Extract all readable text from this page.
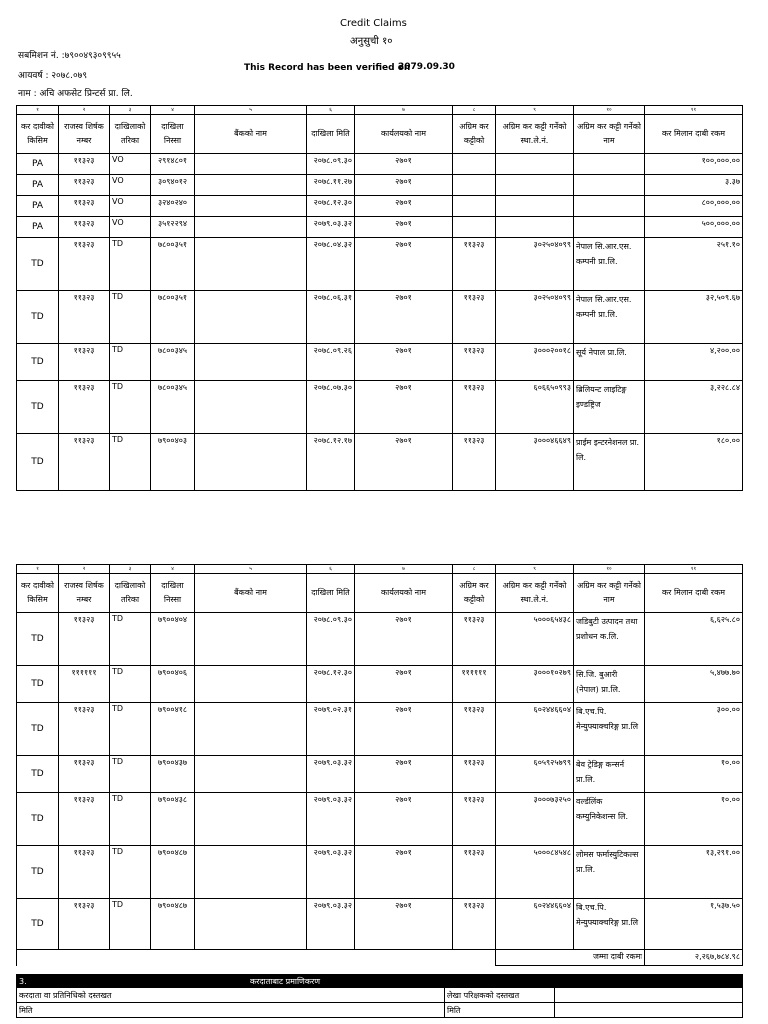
Credit Claims
अनुसुची १०
सबमिशन नं. :७९००४९३०९९५५
आयवर्ष : २०७८.०७९
नाम : अचि अफसेट प्रिन्टर्स प्रा. लि.
This Record has been verified on
2079.09.30
१	२	३	४	५	६	७	८	९	१०	११
कर दावीको किसिम	राजस्व शिर्षक नम्बर	दाखिलाको तरिका	दाखिला निस्सा	बैंकको नाम	दाखिला मिति	कार्यलयको नाम	अग्रिम कर कट्टीको	अग्रिम कर कट्टी गर्नेको स्था.ले.नं.	अग्रिम कर कट्टी गर्नेको नाम	कर मिलान दाबी रकम
PA	११३२३	VO	२९१४८०१		२०७८.०९.३०	२७०१				१००,०००.००
PA	११३२३	VO	३०९४०१२		२०७८.११.२७	२७०१				३.३७
PA	११३२३	VO	३२४०२४०		२०७८.१२.३०	२७०१				८००,०००.००
PA	११३२३	VO	३५१२२९४		२०७९.०३.३२	२७०१				५००,०००.००
TD	११३२३	TD	७८००३५१		२०७८.०४.३२	२७०१	११३२३	३०२५०४०९९	नेपाल सि.आर.एस. कम्पनी प्रा.लि.	२५१.१०
TD	११३२३	TD	७८००३५१		२०७८.०६.३१	२७०१	११३२३	३०२५०४०९९	नेपाल सि.आर.एस. कम्पनी प्रा.लि.	३२,५०९.६७
TD	११३२३	TD	७८००३४५		२०७८.०९.२६	२७०१	११३२३	३०००२००१८	सूर्य नेपाल प्रा.लि.	४,२००.००
TD	११३२३	TD	७८००३४५		२०७८.०७.३०	२७०१	११३२३	६०६६५०९९३	ब्रिलियन्ट लाइटिङ्ग इण्डष्ट्रिज	३,२२८.८४
TD	११३२३	TD	७९००४०३		२०७८.१२.१७	२७०१	११३२३	३०००४६६४९	प्राईम इन्टरनेशनल प्रा. लि.	१८०.००
१	२	३	४	५	६	७	८	९	१०	११
कर दावीको किसिम	राजस्व शिर्षक नम्बर	दाखिलाको तरिका	दाखिला निस्सा	बैंकको नाम	दाखिला मिति	कार्यलयको नाम	अग्रिम कर कट्टीको	अग्रिम कर कट्टी गर्नेको स्था.ले.नं.	अग्रिम कर कट्टी गर्नेको नाम	कर मिलान दाबी रकम
TD	११३२३	TD	७९००४०४		२०७८.०९.३०	२७०१	११३२३	५०००६५४३८	जडिबुटी उत्पादन तथा प्रशोधन क.लि.	६,६२५.८०
TD	११११११	TD	७९००४०६		२०७८.१२.३०	२७०१	११११११	३०००१०२७९	सि.जि. बुआरी (नेपाल) प्रा.लि.	५,४७७.७०
TD	११३२३	TD	७९००४१८		२०७९.०२.३१	२७०१	११३२३	६०२४४६६०४	बि.एच.पि. मेन्युफ्याक्चरिङ्ग प्रा.लि	३००.००
TD	११३२३	TD	७९००४३७		२०७९.०३.३२	२७०१	११३२३	६०५९२५७९९	बेव ट्रेडिङ्ग कन्सर्न प्रा.लि.	१०.००
TD	११३२३	TD	७९००४३८		२०७९.०३.३२	२७०१	११३२३	३०००७३२५०	वर्ल्डलिंक कम्युनिकेशन्स लि.	१०.००
TD	११३२३	TD	७९००४८७		२०७९.०३.३२	२७०१	११३२३	५०००८४५४८	लोमस फर्मास्युटिकल्स प्रा.लि.	१३,२९१.००
TD	११३२३	TD	७९००४८७		२०७९.०३.३२	२७०१	११३२३	६०२४४६६०४	बि.एच.पि. मेन्युफ्याक्चरिङ्ग प्रा.लि	१,५३७.५०
								जम्मा दाबी रकमः		२,२६७,७८४.९८
3.	करदाताबाट प्रमाणिकरण		
करदाता वा प्रतिनिधिको दस्तखत		लेखा परिक्षकको दस्तखत	
मिति		मिति	
